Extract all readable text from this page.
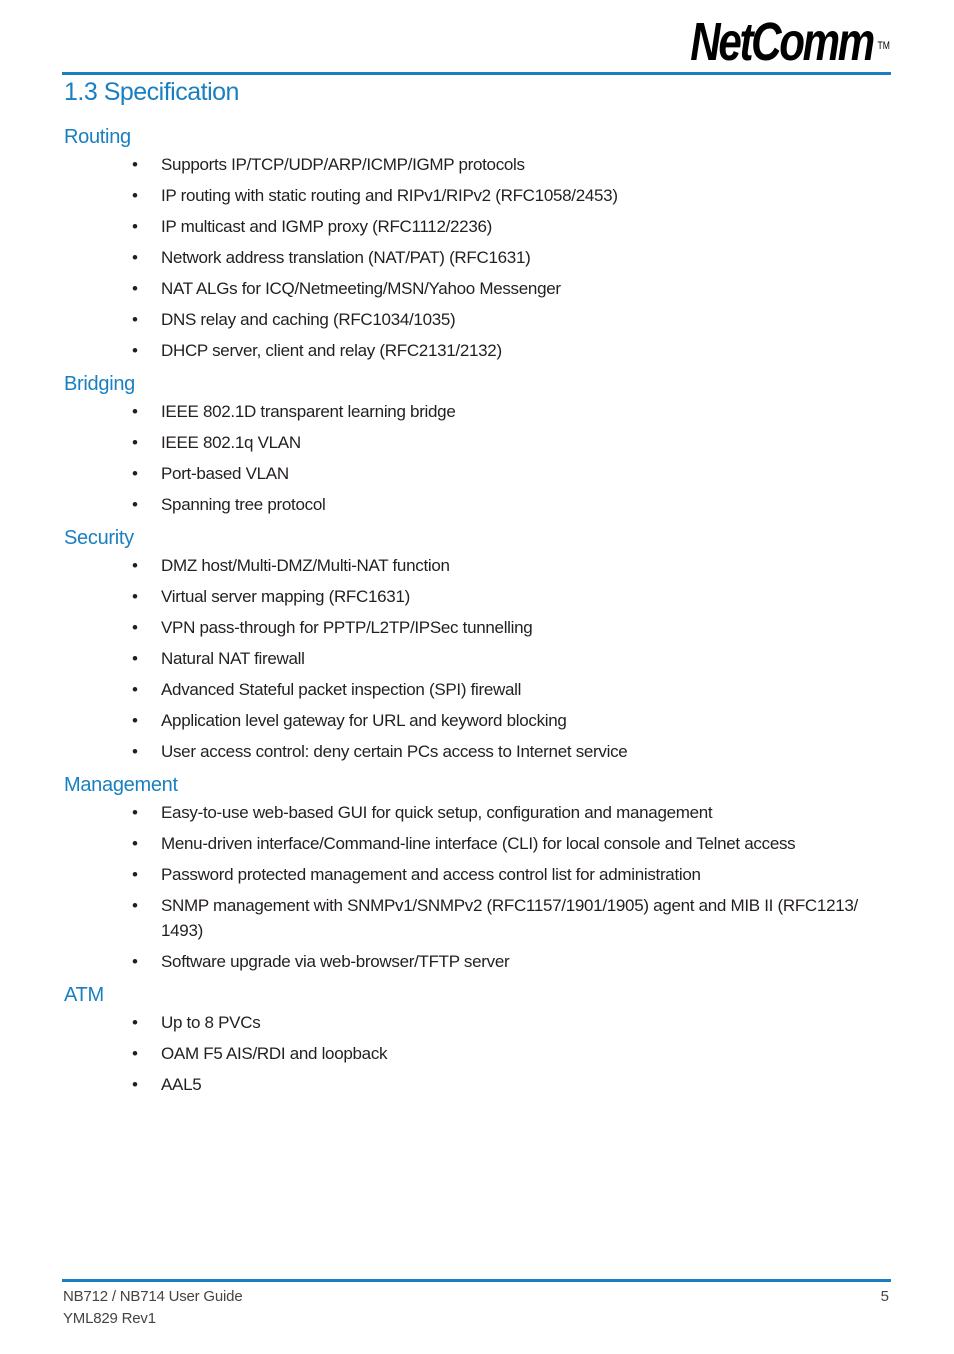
NetComm ™
1.3 Specification
Routing
• Supports IP/TCP/UDP/ARP/ICMP/IGMP protocols
• IP routing with static routing and RIPv1/RIPv2 (RFC1058/2453)
• IP multicast and IGMP proxy (RFC1112/2236)
• Network address translation (NAT/PAT) (RFC1631)
• NAT ALGs for ICQ/Netmeeting/MSN/Yahoo Messenger
• DNS relay and caching (RFC1034/1035)
• DHCP server, client and relay (RFC2131/2132)
Bridging
• IEEE 802.1D transparent learning bridge
• IEEE 802.1q VLAN
• Port-based VLAN
• Spanning tree protocol
Security
• DMZ host/Multi-DMZ/Multi-NAT function
• Virtual server mapping (RFC1631)
• VPN pass-through for PPTP/L2TP/IPSec tunnelling
• Natural NAT firewall
• Advanced Stateful packet inspection (SPI) firewall
• Application level gateway for URL and keyword blocking
• User access control: deny certain PCs access to Internet service
Management
• Easy-to-use web-based GUI for quick setup, configuration and management
• Menu-driven interface/Command-line interface (CLI) for local console and Telnet access
• Password protected management and access control list for administration
• SNMP management with SNMPv1/SNMPv2 (RFC1157/1901/1905) agent and MIB II (RFC1213/ 1493)
• Software upgrade via web-browser/TFTP server
ATM
• Up to 8 PVCs
• OAM F5 AIS/RDI and loopback
• AAL5
NB712 / NB714 User Guide
YML829 Rev1
5
